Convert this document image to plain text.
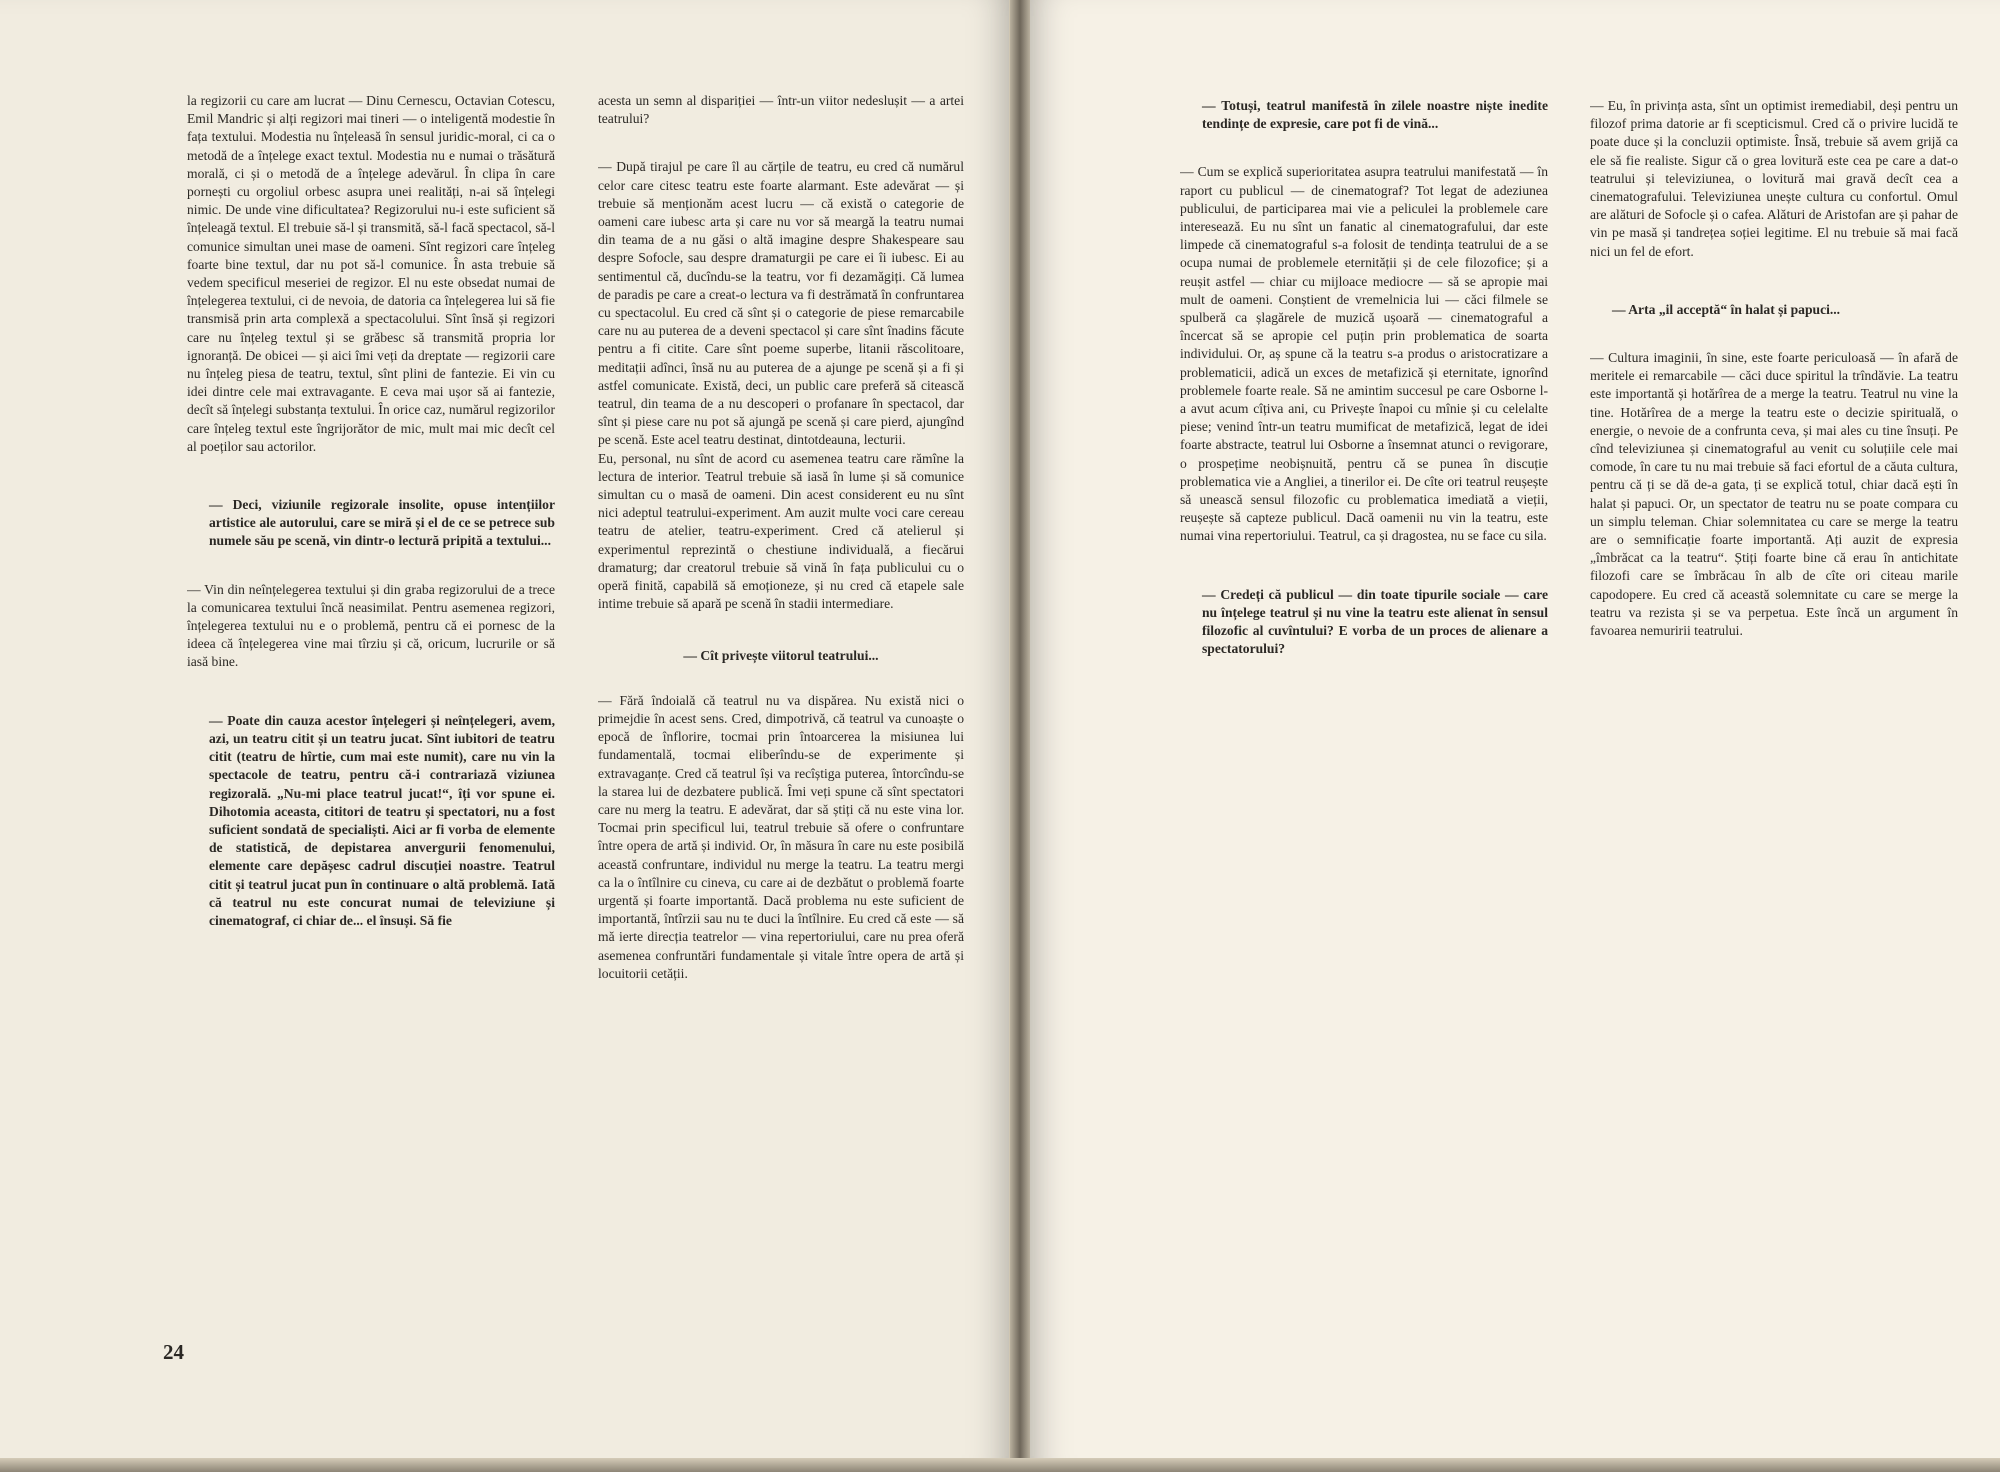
la regizorii cu care am lucrat — Dinu Cernescu, Octavian Cotescu, Emil Mandric și alți regizori mai tineri — o inteligentă modestie în fața textului. Modestia nu înțeleasă în sensul juridic-moral, ci ca o metodă de a înțelege exact textul. Modestia nu e numai o trăsătură morală, ci și o metodă de a înțelege adevărul. În clipa în care pornești cu orgoliul orbesc asupra unei realități, n-ai să înțelegi nimic. De unde vine dificultatea? Regizorului nu-i este suficient să înțeleagă textul. El trebuie să-l și transmită, să-l facă spectacol, să-l comunice simultan unei mase de oameni. Sînt regizori care înțeleg foarte bine textul, dar nu pot să-l comunice. În asta trebuie să vedem specificul meseriei de regizor. El nu este obsedat numai de înțelegerea textului, ci de nevoia, de datoria ca înțelegerea lui să fie transmisă prin arta complexă a spectacolului. Sînt însă și regizori care nu înțeleg textul și se grăbesc să transmită propria lor ignoranță. De obicei — și aici îmi veți da dreptate — regizorii care nu înțeleg piesa de teatru, textul, sînt plini de fantezie. Ei vin cu idei dintre cele mai extravagante. E ceva mai ușor să ai fantezie, decît să înțelegi substanța textului. În orice caz, numărul regizorilor care înțeleg textul este îngrijorător de mic, mult mai mic decît cel al poeților sau actorilor.

— Deci, viziunile regizorale insolite, opuse intențiilor artistice ale autorului, care se miră și el de ce se petrece sub numele său pe scenă, vin dintr-o lectură pripită a textului...

— Vin din neînțelegerea textului și din graba regizorului de a trece la comunicarea textului încă neasimilat. Pentru asemenea regizori, înțelegerea textului nu e o problemă, pentru că ei pornesc de la ideea că înțelegerea vine mai tîrziu și că, oricum, lucrurile or să iasă bine.

— Poate din cauza acestor înțelegeri și neînțelegeri, avem, azi, un teatru citit și un teatru jucat. Sînt iubitori de teatru citit (teatru de hîrtie, cum mai este numit), care nu vin la spectacole de teatru, pentru că-i contrariază viziunea regizorală. „Nu-mi place teatrul jucat!“, îți vor spune ei. Dihotomia aceasta, cititori de teatru și spectatori, nu a fost suficient sondată de specialiști. Aici ar fi vorba de elemente de statistică, de depistarea anvergurii fenomenului, elemente care depășesc cadrul discuției noastre. Teatrul citit și teatrul jucat pun în continuare o altă problemă. Iată că teatrul nu este concurat numai de televiziune și cinematograf, ci chiar de... el însuși. Să fie

acesta un semn al dispariției — într-un viitor nedeslușit — a artei teatrului?

— După tirajul pe care îl au cărțile de teatru, eu cred că numărul celor care citesc teatru este foarte alarmant. Este adevărat — și trebuie să menționăm acest lucru — că există o categorie de oameni care iubesc arta și care nu vor să meargă la teatru numai din teama de a nu găsi o altă imagine despre Shakespeare sau despre Sofocle, sau despre dramaturgii pe care ei îi iubesc. Ei au sentimentul că, ducîndu-se la teatru, vor fi dezamăgiți. Că lumea de paradis pe care a creat-o lectura va fi destrămată în confruntarea cu spectacolul. Eu cred că sînt și o categorie de piese remarcabile care nu au puterea de a deveni spectacol și care sînt înadins făcute pentru a fi citite. Care sînt poeme superbe, litanii răscolitoare, meditații adînci, însă nu au puterea de a ajunge pe scenă și a fi și astfel comunicate. Există, deci, un public care preferă să citească teatrul, din teama de a nu descoperi o profanare în spectacol, dar sînt și piese care nu pot să ajungă pe scenă și care pierd, ajungînd pe scenă. Este acel teatru destinat, dintotdeauna, lecturii.

Eu, personal, nu sînt de acord cu asemenea teatru care rămîne la lectura de interior. Teatrul trebuie să iasă în lume și să comunice simultan cu o masă de oameni. Din acest considerent eu nu sînt nici adeptul teatrului-experiment. Am auzit multe voci care cereau teatru de atelier, teatru-experiment. Cred că atelierul și experimentul reprezintă o chestiune individuală, a fiecărui dramaturg; dar creatorul trebuie să vină în fața publicului cu o operă finită, capabilă să emoționeze, și nu cred că etapele sale intime trebuie să apară pe scenă în stadii intermediare.

— Cît privește viitorul teatrului...

— Fără îndoială că teatrul nu va dispărea. Nu există nici o primejdie în acest sens. Cred, dimpotrivă, că teatrul va cunoaște o epocă de înflorire, tocmai prin întoarcerea la misiunea lui fundamentală, tocmai eliberîndu-se de experimente și extravaganțe. Cred că teatrul își va recîștiga puterea, întorcîndu-se la starea lui de dezbatere publică. Îmi veți spune că sînt spectatori care nu merg la teatru. E adevărat, dar să știți că nu este vina lor. Tocmai prin specificul lui, teatrul trebuie să ofere o confruntare între opera de artă și individ. Or, în măsura în care nu este posibilă această confruntare, individul nu merge la teatru. La teatru mergi ca la o întîlnire cu cineva, cu care ai de dezbătut o problemă foarte urgentă și foarte importantă. Dacă problema nu este suficient de importantă, întîrzii sau nu te duci la întîlnire. Eu cred că este — să mă ierte direcția teatrelor — vina repertoriului, care nu prea oferă asemenea confruntări fundamentale și vitale între opera de artă și locuitorii cetății.

24

— Totuși, teatrul manifestă în zilele noastre niște inedite tendințe de expresie, care pot fi de vină...

— Cum se explică superioritatea asupra teatrului manifestată — în raport cu publicul — de cinematograf? Tot legat de adeziunea publicului, de participarea mai vie a peliculei la problemele care interesează. Eu nu sînt un fanatic al cinematografului, dar este limpede că cinematograful s-a folosit de tendința teatrului de a se ocupa numai de problemele eternității și de cele filozofice; și a reușit astfel — chiar cu mijloace mediocre — să se apropie mai mult de oameni. Conștient de vremelnicia lui — căci filmele se spulberă ca șlagărele de muzică ușoară — cinematograful a încercat să se apropie cel puțin prin problematica de soarta individului. Or, aș spune că la teatru s-a produs o aristocratizare a problematicii, adică un exces de metafizică și eternitate, ignorînd problemele foarte reale. Să ne amintim succesul pe care Osborne l-a avut acum cîțiva ani, cu Privește înapoi cu mînie și cu celelalte piese; venind într-un teatru mumificat de metafizică, legat de idei foarte abstracte, teatrul lui Osborne a însemnat atunci o revigorare, o prospețime neobișnuită, pentru că se punea în discuție problematica vie a Angliei, a tinerilor ei. De cîte ori teatrul reușește să unească sensul filozofic cu problematica imediată a vieții, reușește să capteze publicul. Dacă oamenii nu vin la teatru, este numai vina repertoriului. Teatrul, ca și dragostea, nu se face cu sila.

— Credeți că publicul — din toate tipurile sociale — care nu înțelege teatrul și nu vine la teatru este alienat în sensul filozofic al cuvîntului? E vorba de un proces de alienare a spectatorului?

— Eu, în privința asta, sînt un optimist iremediabil, deși pentru un filozof prima datorie ar fi scepticismul. Cred că o privire lucidă te poate duce și la concluzii optimiste. Însă, trebuie să avem grijă ca ele să fie realiste. Sigur că o grea lovitură este cea pe care a dat-o teatrului și televiziunea, o lovitură mai gravă decît cea a cinematografului. Televiziunea unește cultura cu confortul. Omul are alături de Sofocle și o cafea. Alături de Aristofan are și pahar de vin pe masă și tandrețea soției legitime. El nu trebuie să mai facă nici un fel de efort.

— Arta „il acceptă“ în halat și papuci...

— Cultura imaginii, în sine, este foarte periculoasă — în afară de meritele ei remarcabile — căci duce spiritul la trîndăvie. La teatru este importantă și hotărîrea de a merge la teatru. Teatrul nu vine la tine. Hotărîrea de a merge la teatru este o decizie spirituală, o energie, o nevoie de a confrunta ceva, și mai ales cu tine însuți. Pe cînd televiziunea și cinematograful au venit cu soluțiile cele mai comode, în care tu nu mai trebuie să faci efortul de a căuta cultura, pentru că ți se dă de-a gata, ți se explică totul, chiar dacă ești în halat și papuci. Or, un spectator de teatru nu se poate compara cu un simplu teleman. Chiar solemnitatea cu care se merge la teatru are o semnificație foarte importantă. Ați auzit de expresia „îmbrăcat ca la teatru“. Știți foarte bine că erau în antichitate filozofi care se îmbrăcau în alb de cîte ori citeau marile capodopere. Eu cred că această solemnitate cu care se merge la teatru va rezista și se va perpetua. Este încă un argument în favoarea nemuririi teatrului.
